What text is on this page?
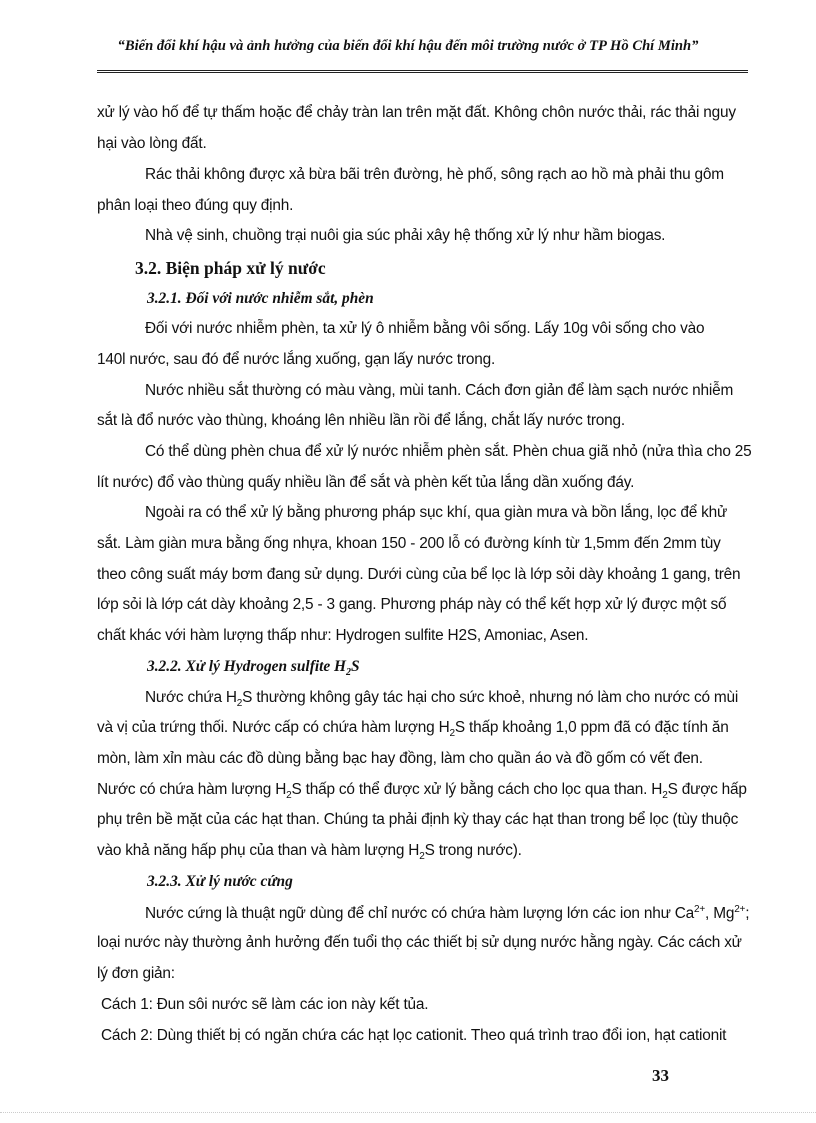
“Biến đổi khí hậu và ảnh hưởng của biến đổi khí hậu đến môi trường nước ở TP Hồ Chí Minh”
xử lý vào hố để tự thấm hoặc để chảy tràn lan trên mặt đất. Không chôn nước thải, rác thải nguy
hại vào lòng đất.
Rác thải không được xả bừa bãi trên đường, hè phố, sông rạch ao hồ mà phải thu gôm
phân loại theo đúng quy định.
Nhà vệ sinh, chuồng trại nuôi gia súc phải xây hệ thống xử lý như hầm biogas.
3.2. Biện pháp xử lý nước
3.2.1. Đối với nước nhiễm sắt, phèn
Đối với nước nhiễm phèn, ta xử lý ô nhiễm bằng vôi sống. Lấy 10g vôi sống cho vào
140l nước, sau đó để nước lắng xuống, gạn lấy nước trong.
Nước nhiều sắt thường có màu vàng, mùi tanh. Cách đơn giản để làm sạch nước nhiễm
sắt là đổ nước vào thùng, khoáng lên nhiều lần rồi để lắng, chắt lấy nước trong.
Có thể dùng phèn chua để xử lý nước nhiễm phèn sắt. Phèn chua giã nhỏ (nửa thìa cho 25
lít nước) đổ vào thùng quấy nhiều lần để sắt và phèn kết tủa lắng dần xuống đáy.
Ngoài ra có thể xử lý bằng phương pháp sục khí, qua giàn mưa và bồn lắng, lọc để khử
sắt. Làm giàn mưa bằng ống nhựa, khoan 150 - 200 lỗ có đường kính từ 1,5mm đến 2mm tùy
theo công suất máy bơm đang sử dụng. Dưới cùng của bể lọc là lớp sỏi dày khoảng 1 gang, trên
lớp sỏi là lớp cát dày khoảng 2,5 - 3 gang. Phương pháp này có thể kết hợp xử lý được một số
chất khác với hàm lượng thấp như: Hydrogen sulfite H2S, Amoniac, Asen.
3.2.2. Xử lý Hydrogen sulfite $H_2S$
Nước chứa $H_2S$ thường không gây tác hại cho sức khoẻ, nhưng nó làm cho nước có mùi
và vị của trứng thối. Nước cấp có chứa hàm lượng $H_2S$ thấp khoảng 1,0 ppm đã có đặc tính ăn
mòn, làm xỉn màu các đồ dùng bằng bạc hay đồng, làm cho quần áo và đồ gốm có vết đen.
Nước có chứa hàm lượng $H_2S$ thấp có thể được xử lý bằng cách cho lọc qua than. $H_2S$ được hấp
phụ trên bề mặt của các hạt than. Chúng ta phải định kỳ thay các hạt than trong bể lọc (tùy thuộc
vào khả năng hấp phụ của than và hàm lượng $H_2S$ trong nước).
3.2.3. Xử lý nước cứng
Nước cứng là thuật ngữ dùng để chỉ nước có chứa hàm lượng lớn các ion như $Ca^{2+}$, $Mg^{2+}$;
loại nước này thường ảnh hưởng đến tuổi thọ các thiết bị sử dụng nước hằng ngày. Các cách xử
lý đơn giản:
Cách 1: Đun sôi nước sẽ làm các ion này kết tủa.
Cách 2: Dùng thiết bị có ngăn chứa các hạt lọc cationit. Theo quá trình trao đổi ion, hạt cationit
33
